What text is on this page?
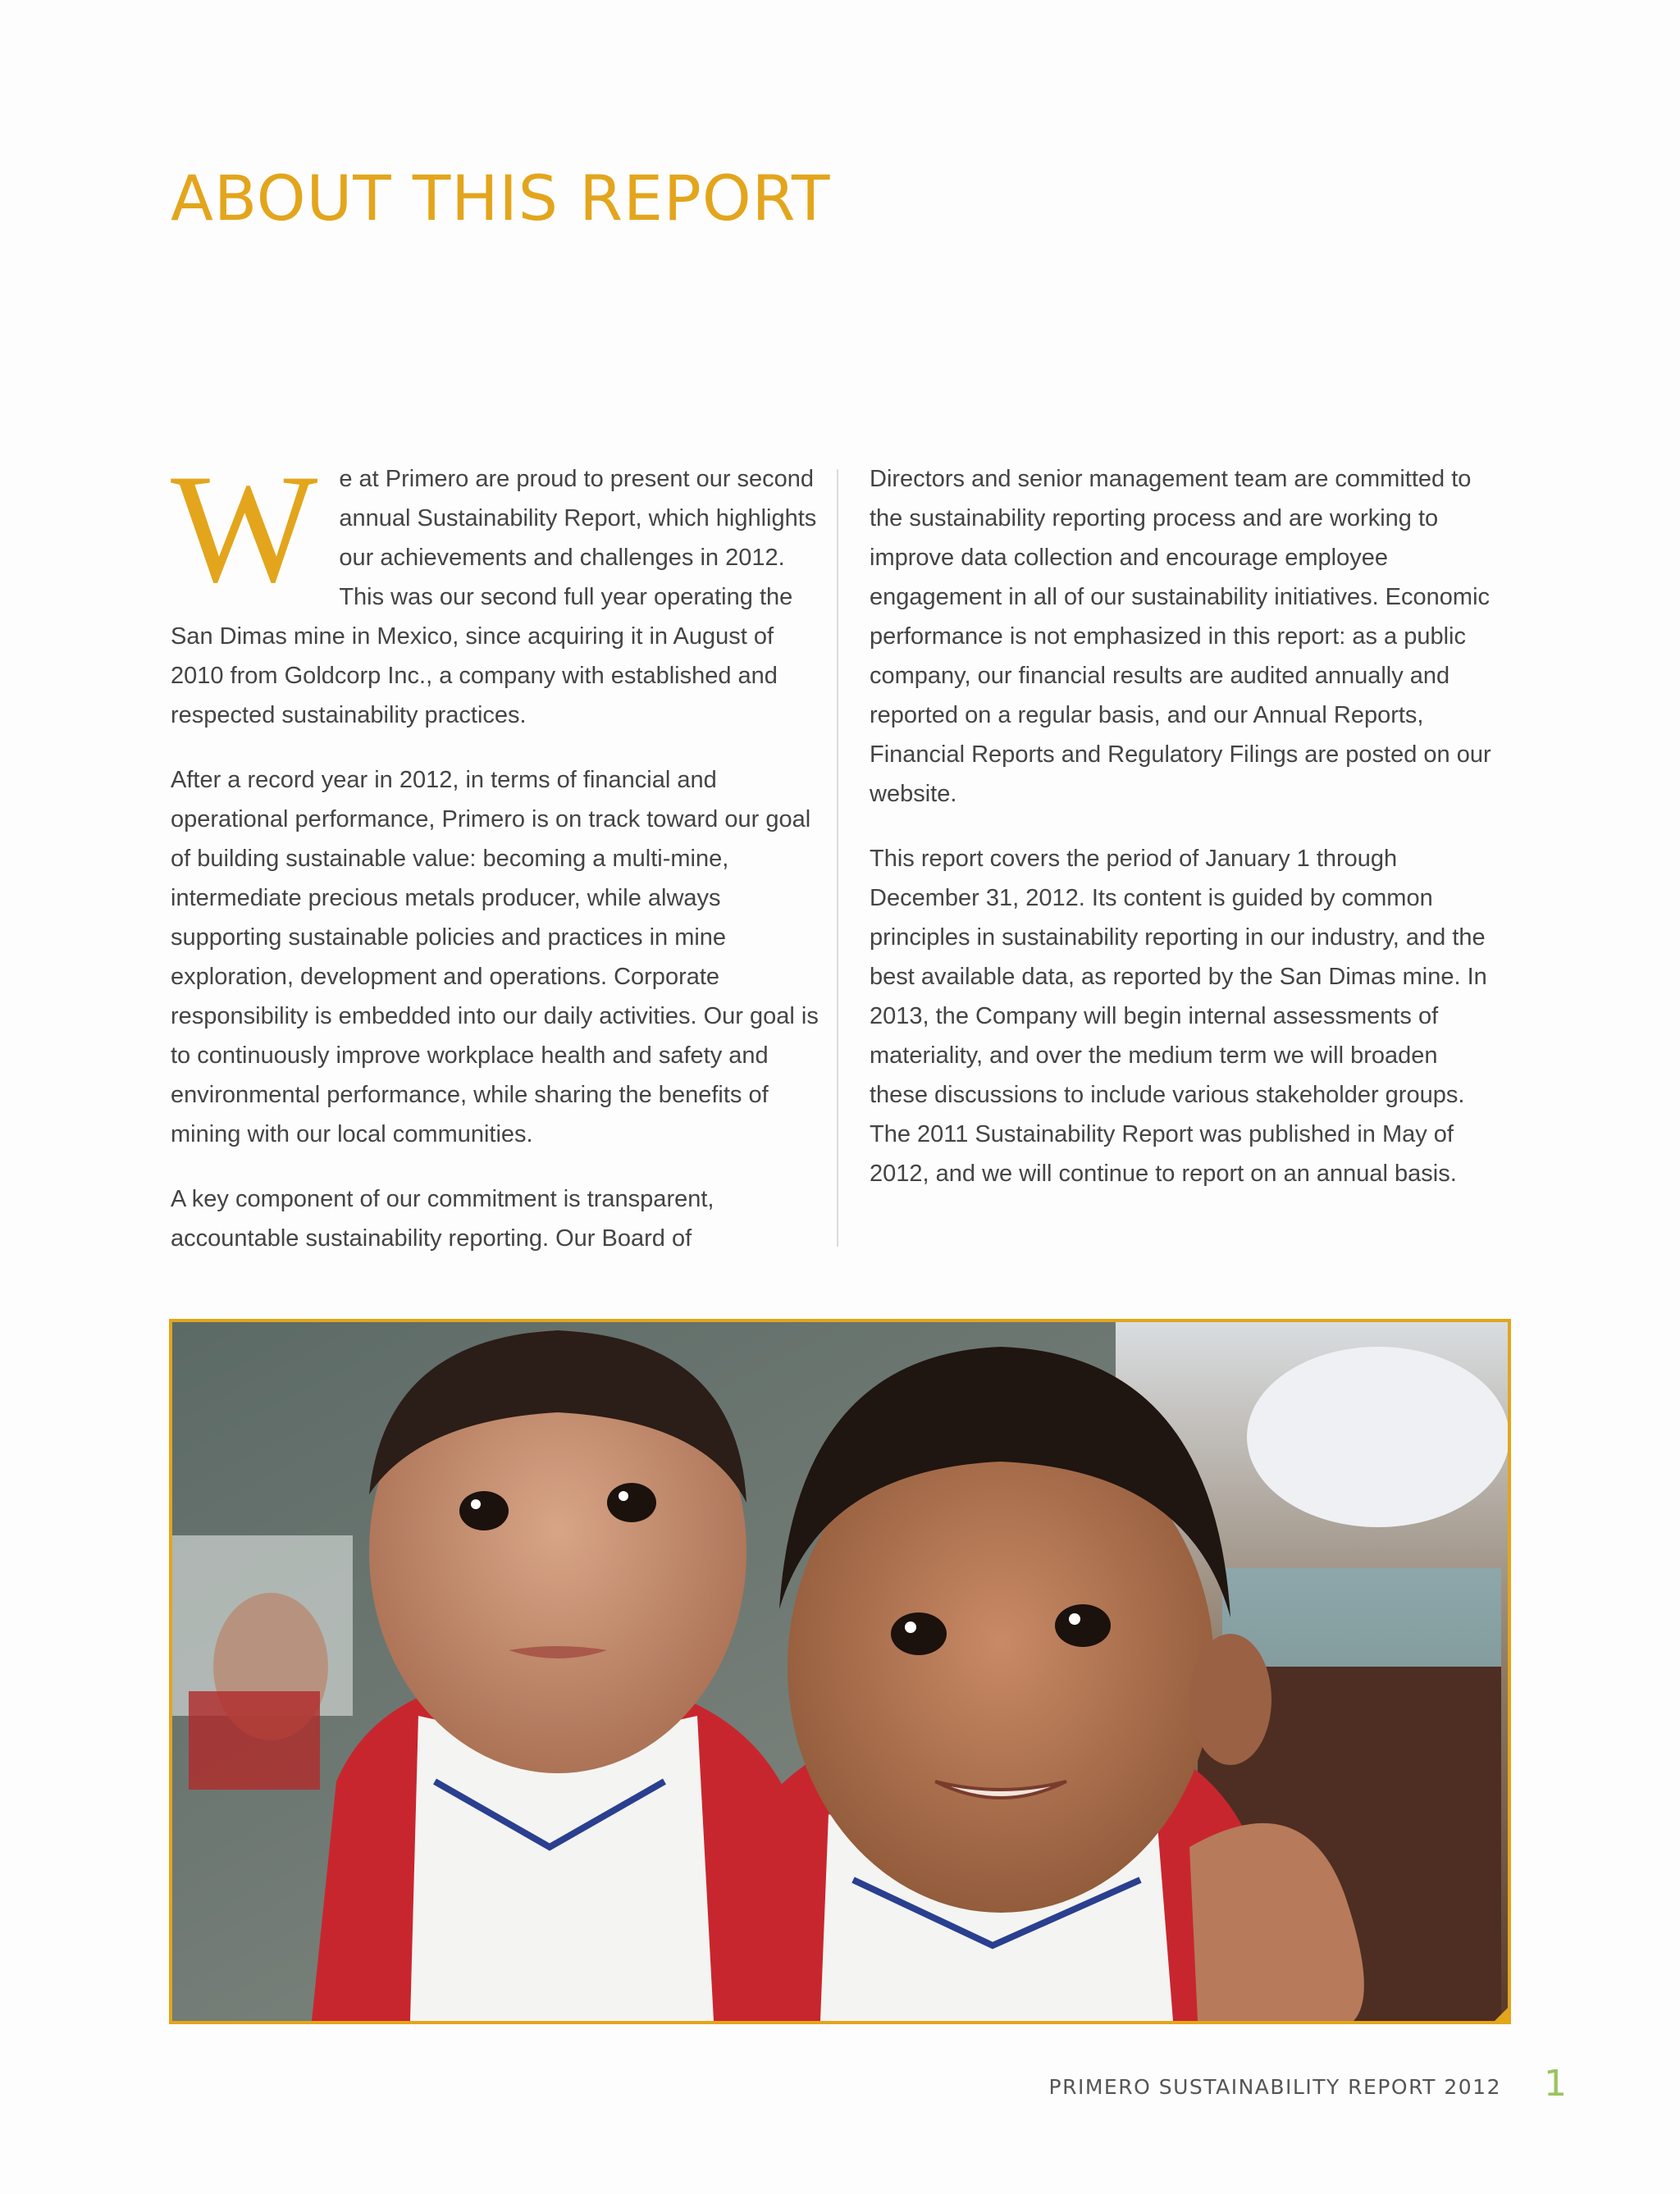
ABOUT THIS REPORT

We at Primero are proud to present our second annual Sustainability Report, which highlights our achievements and challenges in 2012. This was our second full year operating the San Dimas mine in Mexico, since acquiring it in August of 2010 from Goldcorp Inc., a company with established and respected sustainability practices.

After a record year in 2012, in terms of financial and operational performance, Primero is on track toward our goal of building sustainable value: becoming a multi-mine, intermediate precious metals producer, while always supporting sustainable policies and practices in mine exploration, development and operations. Corporate responsibility is embedded into our daily activities. Our goal is to continuously improve workplace health and safety and environmental performance, while sharing the benefits of mining with our local communities.

A key component of our commitment is transparent, accountable sustainability reporting. Our Board of

Directors and senior management team are committed to the sustainability reporting process and are working to improve data collection and encourage employee engagement in all of our sustainability initiatives. Economic performance is not emphasized in this report: as a public company, our financial results are audited annually and reported on a regular basis, and our Annual Reports, Financial Reports and Regulatory Filings are posted on our website.

This report covers the period of January 1 through December 31, 2012. Its content is guided by common principles in sustainability reporting in our industry, and the best available data, as reported by the San Dimas mine. In 2013, the Company will begin internal assessments of materiality, and over the medium term we will broaden these discussions to include various stakeholder groups. The 2011 Sustainability Report was published in May of 2012, and we will continue to report on an annual basis.

PRIMERO SUSTAINABILITY REPORT 2012 1
